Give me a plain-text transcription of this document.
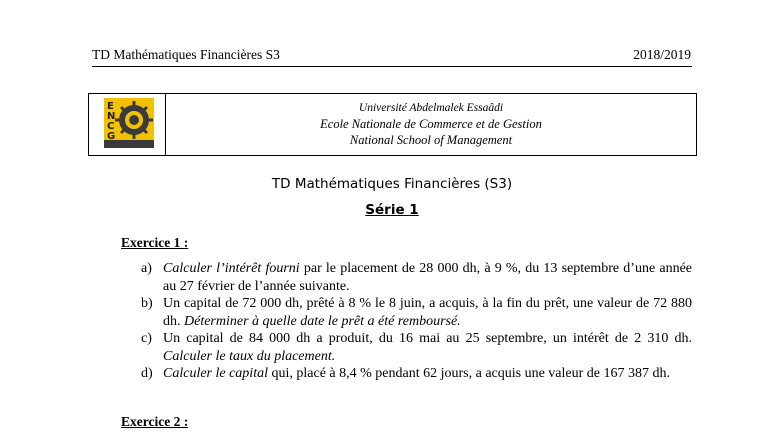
TD Mathématiques Financières S3	2018/2019
E
N
C
G
Université Abdelmalek Essaâdi
Ecole Nationale de Commerce et de Gestion
National School of Management
TD Mathématiques Financières (S3)
Série 1
Exercice 1 :
a) Calculer l’intérêt fourni par le placement de 28 000 dh, à 9 %, du 13 septembre d’une année au 27 février de l’année suivante.
b) Un capital de 72 000 dh, prêté à 8 % le 8 juin, a acquis, à la fin du prêt, une valeur de 72 880 dh. Déterminer à quelle date le prêt a été remboursé.
c) Un capital de 84 000 dh a produit, du 16 mai au 25 septembre, un intérêt de 2 310 dh. Calculer le taux du placement.
d) Calculer le capital qui, placé à 8,4 % pendant 62 jours, a acquis une valeur de 167 387 dh.
Exercice 2 :
